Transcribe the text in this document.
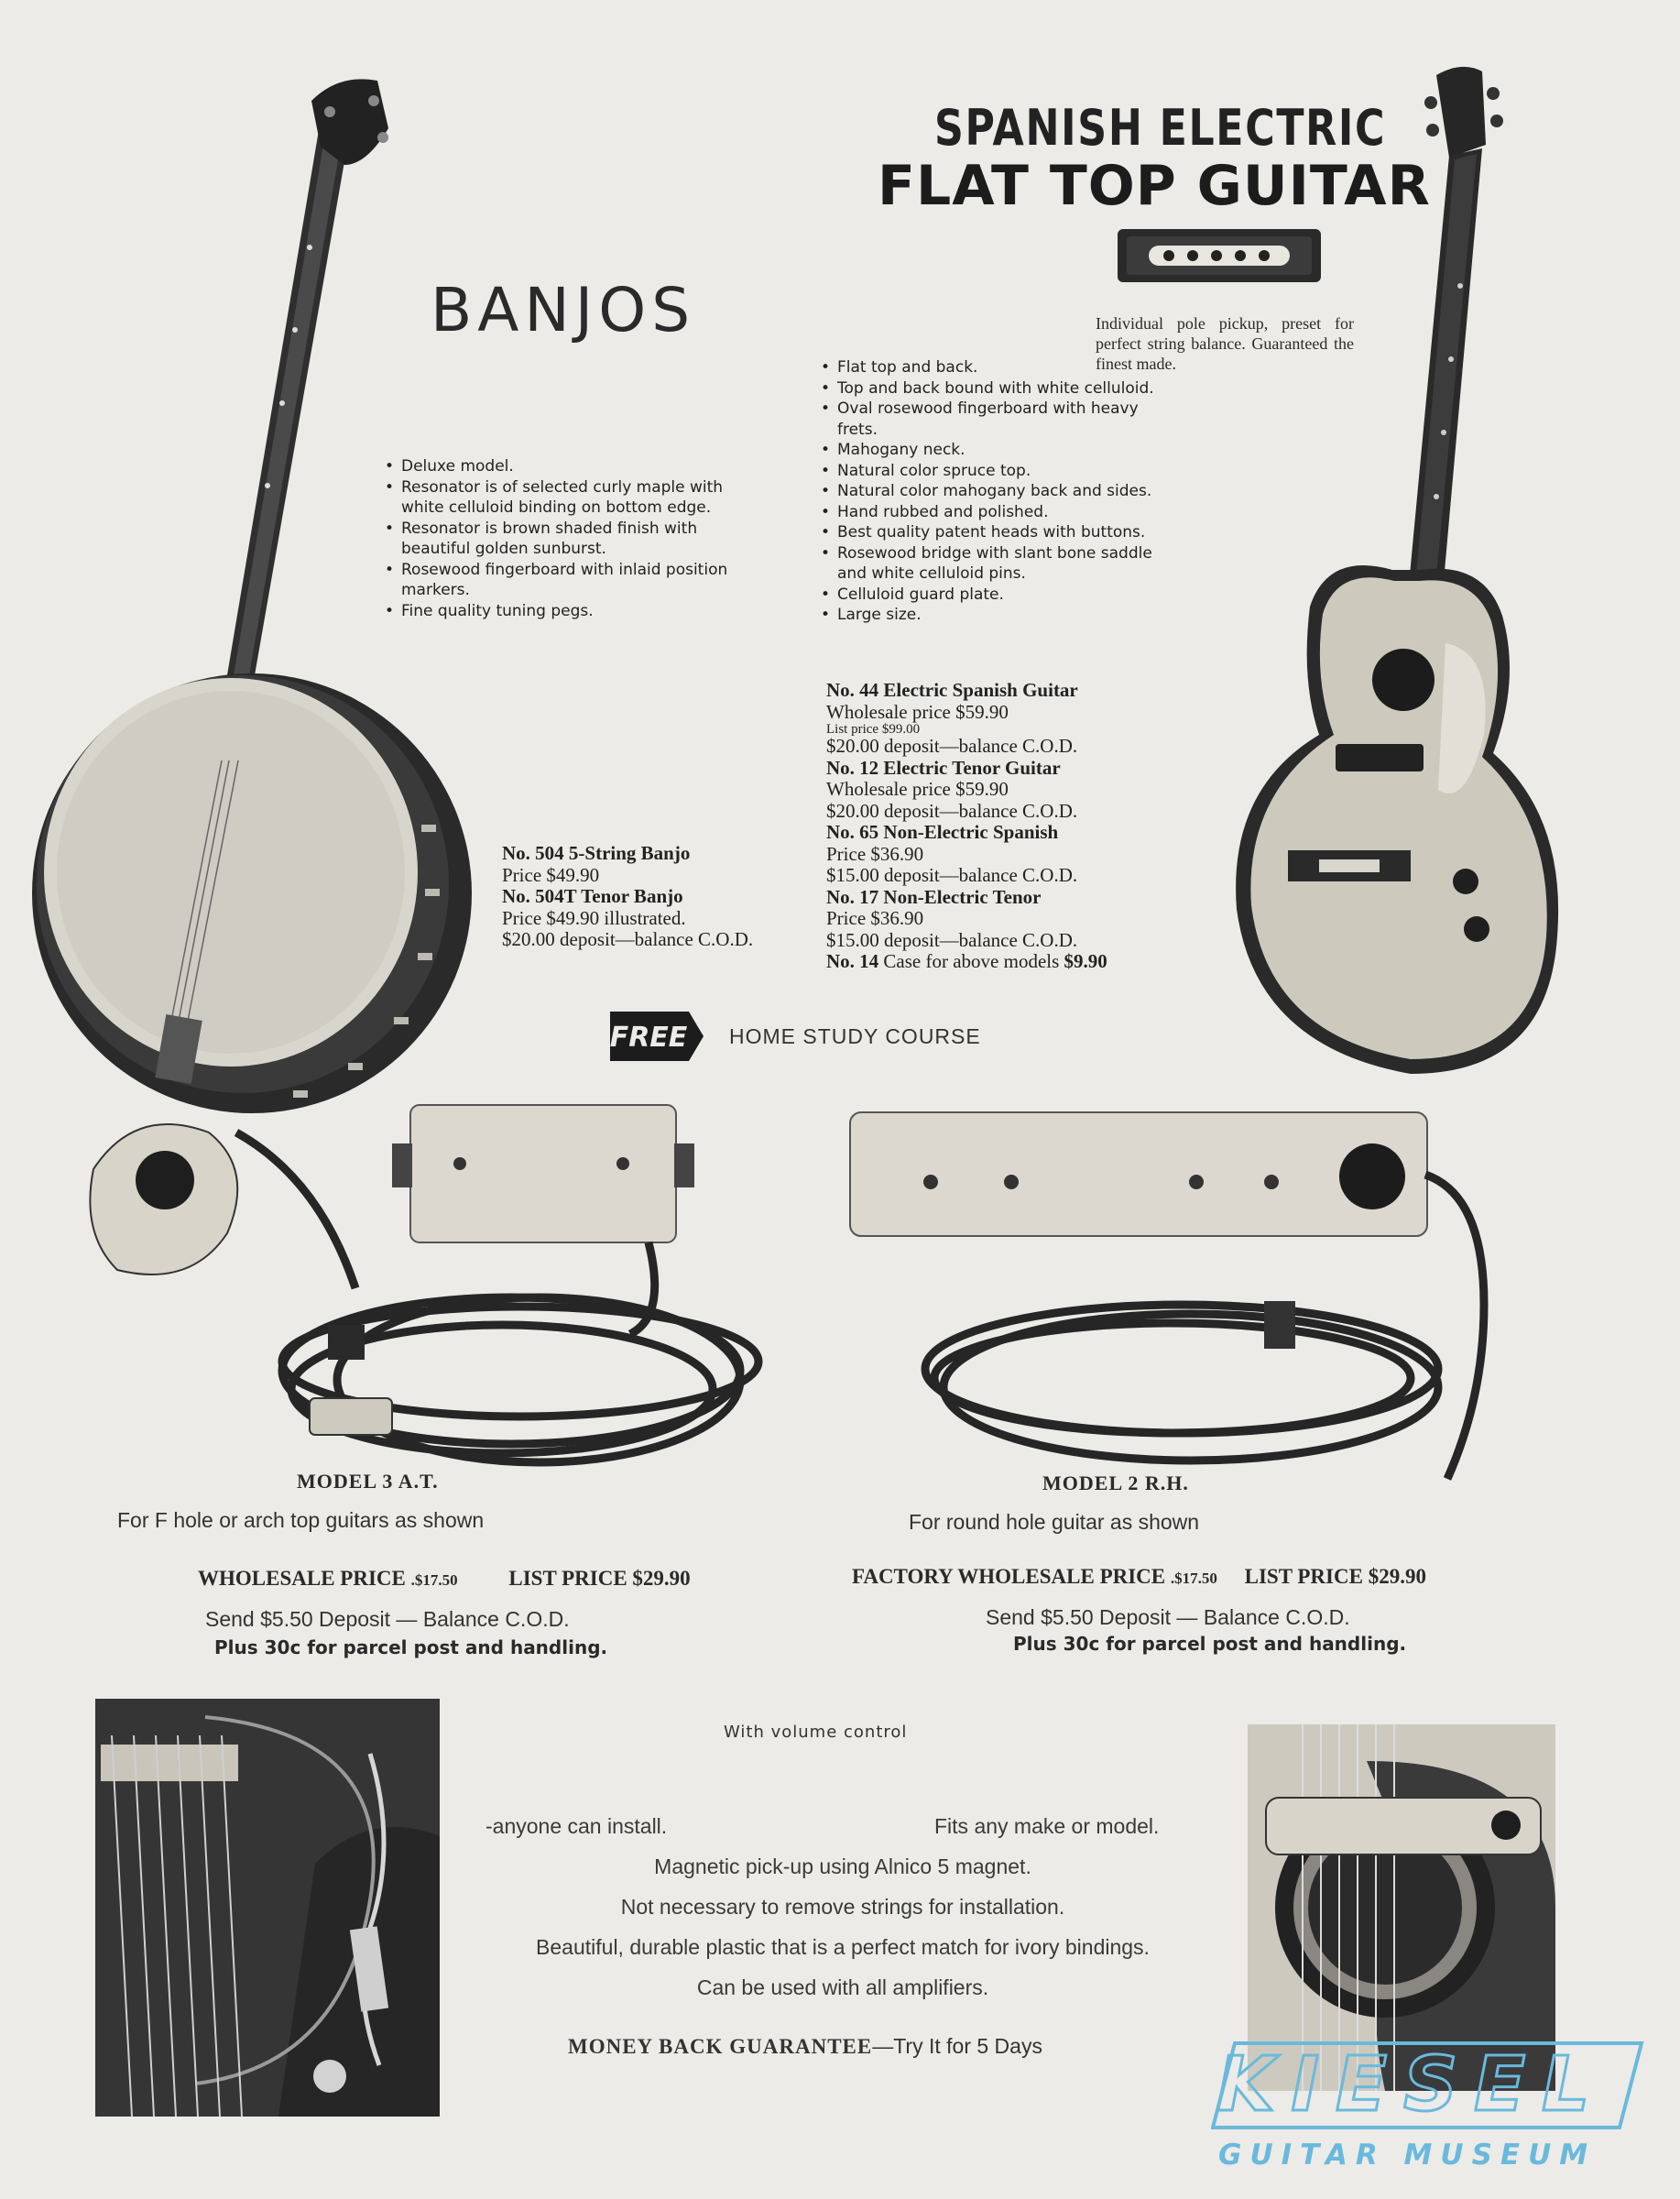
SPANISH ELECTRIC
FLAT TOP GUITAR
Individual pole pickup, preset for perfect string balance. Guaranteed the finest made.
BANJOS
• Deluxe model.
• Resonator is of selected curly maple with white celluloid binding on bottom edge.
• Resonator is brown shaded finish with beautiful golden sunburst.
• Rosewood fingerboard with inlaid position markers.
• Fine quality tuning pegs.
No. 504 5-String Banjo
Price $49.90
No. 504T Tenor Banjo
Price $49.90 illustrated.
$20.00 deposit—balance C.O.D.
• Flat top and back.
• Top and back bound with white celluloid.
• Oval rosewood fingerboard with heavy frets.
• Mahogany neck.
• Natural color spruce top.
• Natural color mahogany back and sides.
• Hand rubbed and polished.
• Best quality patent heads with buttons.
• Rosewood bridge with slant bone saddle and white celluloid pins.
• Celluloid guard plate.
• Large size.
No. 44 Electric Spanish Guitar
Wholesale price $59.90
List price $99.00
$20.00 deposit—balance C.O.D.
No. 12 Electric Tenor Guitar
Wholesale price $59.90
$20.00 deposit—balance C.O.D.
No. 65 Non-Electric Spanish
Price $36.90
$15.00 deposit—balance C.O.D.
No. 17 Non-Electric Tenor
Price $36.90
$15.00 deposit—balance C.O.D.
No. 14 Case for above models $9.90
FREE HOME STUDY COURSE
MODEL 3 A.T.
For F hole or arch top guitars as shown
WHOLESALE PRICE .$17.50 LIST PRICE $29.90
Send $5.50 Deposit — Balance C.O.D.
Plus 30c for parcel post and handling.
MODEL 2 R.H.
For round hole guitar as shown
FACTORY WHOLESALE PRICE .$17.50 LIST PRICE $29.90
Send $5.50 Deposit — Balance C.O.D.
Plus 30c for parcel post and handling.
With volume control
-anyone can install.	Fits any make or model.
Magnetic pick-up using Alnico 5 magnet.
Not necessary to remove strings for installation.
Beautiful, durable plastic that is a perfect match for ivory bindings.
Can be used with all amplifiers.
MONEY BACK GUARANTEE—Try It for 5 Days KIESEL
GUITAR MUSEUM
